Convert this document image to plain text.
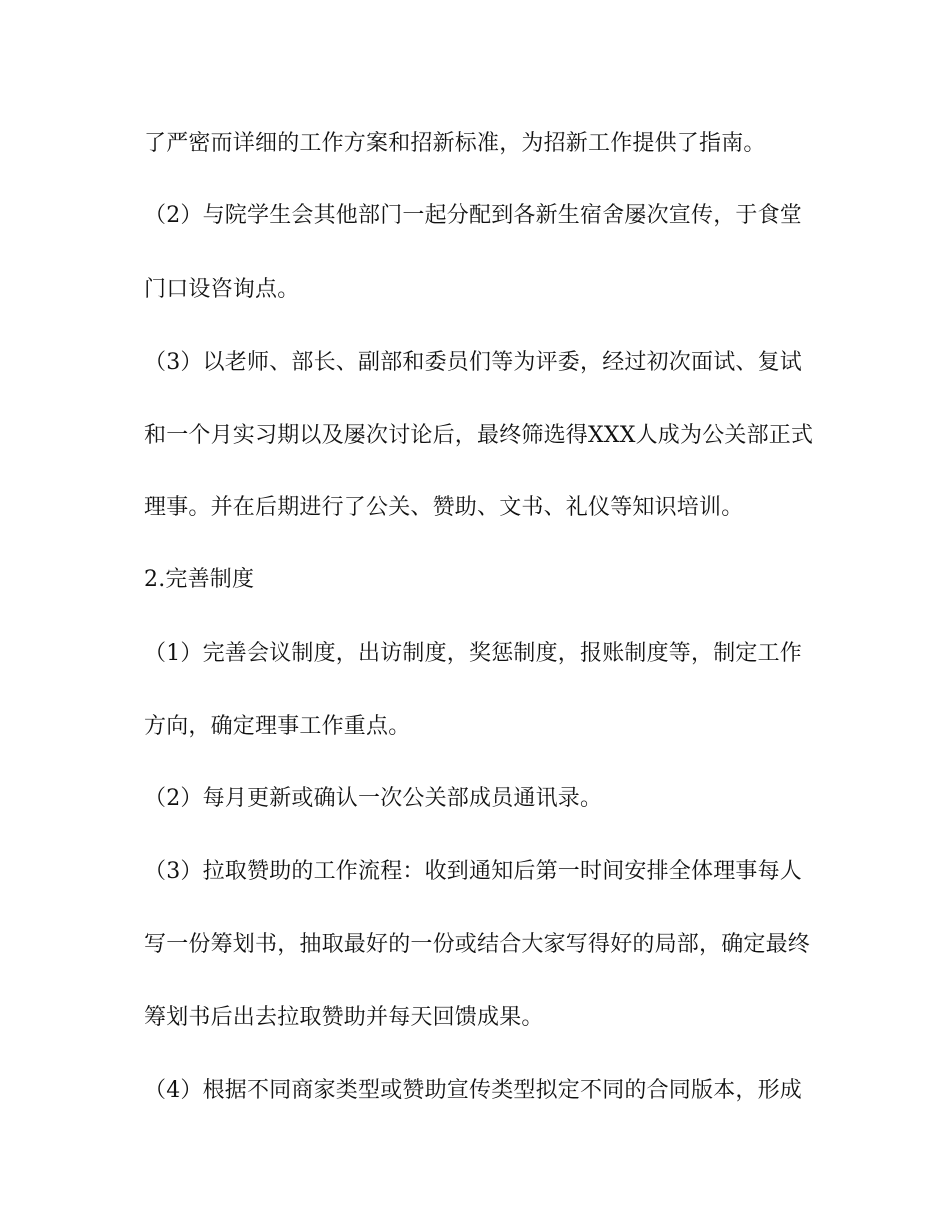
了严密而详细的工作方案和招新标准，为招新工作提供了指南。
（2）与院学生会其他部门一起分配到各新生宿舍屡次宣传，于食堂
门口设咨询点。
（3）以老师、部长、副部和委员们等为评委，经过初次面试、复试
和一个月实习期以及屡次讨论后，最终筛选得XXX人成为公关部正式
理事。并在后期进行了公关、赞助、文书、礼仪等知识培训。
2.完善制度
（1）完善会议制度，出访制度，奖惩制度，报账制度等，制定工作
方向，确定理事工作重点。
（2）每月更新或确认一次公关部成员通讯录。
（3）拉取赞助的工作流程：收到通知后第一时间安排全体理事每人
写一份筹划书，抽取最好的一份或结合大家写得好的局部，确定最终
筹划书后出去拉取赞助并每天回馈成果。
（4）根据不同商家类型或赞助宣传类型拟定不同的合同版本，形成
